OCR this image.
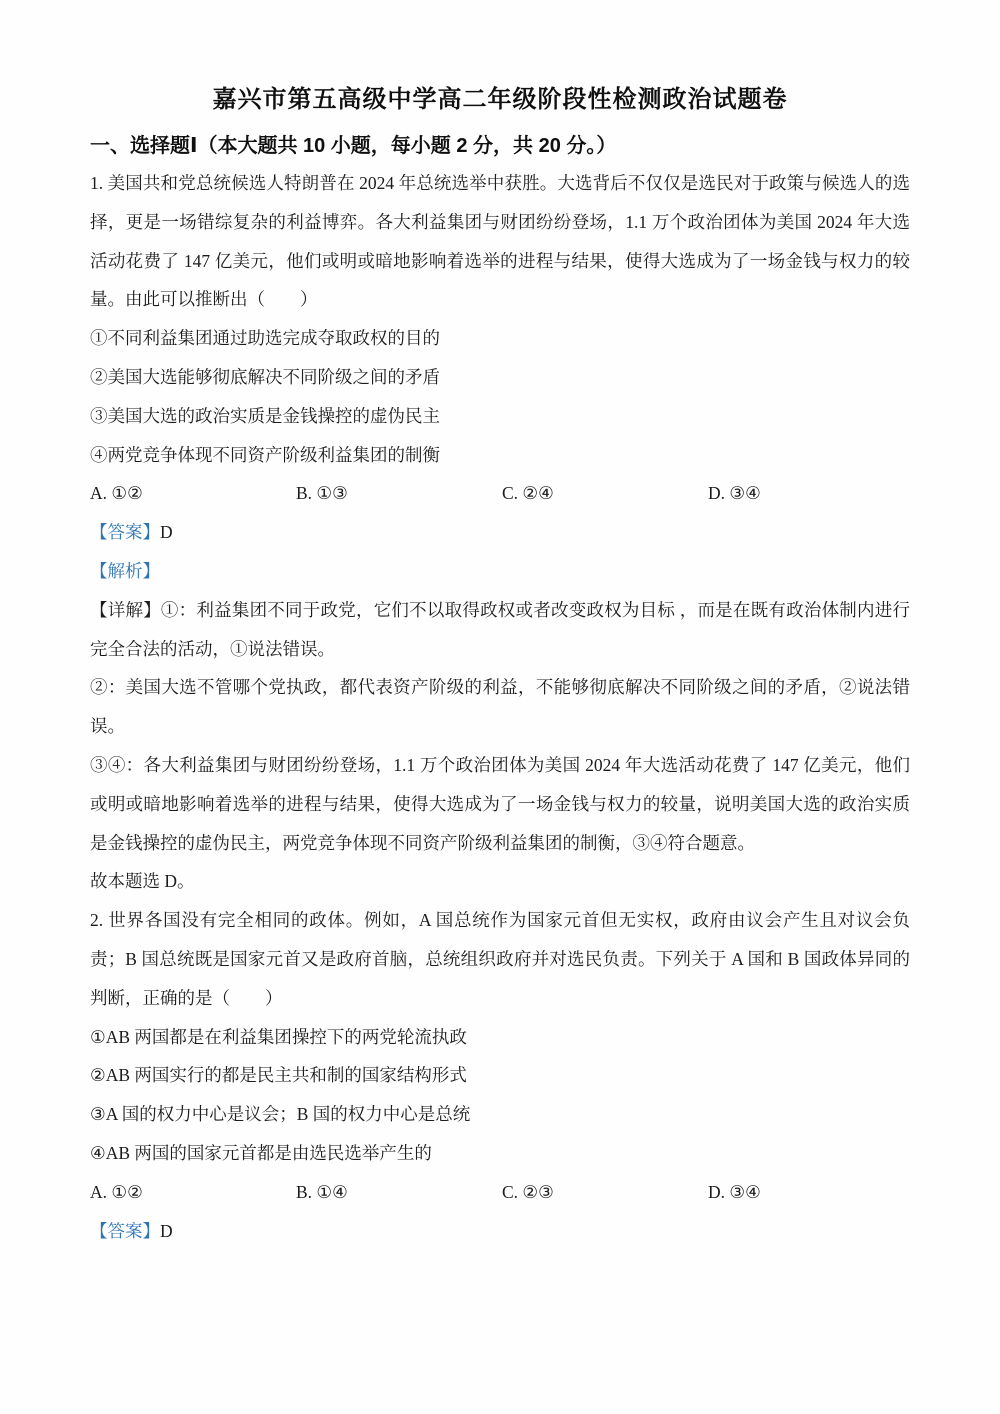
嘉兴市第五高级中学高二年级阶段性检测政治试题卷
一、选择题Ⅰ（本大题共 10 小题，每小题 2 分，共 20 分。）

1. 美国共和党总统候选人特朗普在 2024 年总统选举中获胜。大选背后不仅仅是选民对于政策与候选人的选择，更是一场错综复杂的利益博弈。各大利益集团与财团纷纷登场，1.1 万个政治团体为美国 2024 年大选活动花费了 147 亿美元，他们或明或暗地影响着选举的进程与结果，使得大选成为了一场金钱与权力的较量。由此可以推断出（　　）

①不同利益集团通过助选完成夺取政权的目的
②美国大选能够彻底解决不同阶级之间的矛盾
③美国大选的政治实质是金钱操控的虚伪民主
④两党竞争体现不同资产阶级利益集团的制衡
A. ①②	B. ①③	C. ②④	D. ③④
【答案】D
【解析】

【详解】①：利益集团不同于政党，它们不以取得政权或者改变政权为目标 ，而是在既有政治体制内进行完全合法的活动，①说法错误。

②：美国大选不管哪个党执政，都代表资产阶级的利益，不能够彻底解决不同阶级之间的矛盾，②说法错误。

③④：各大利益集团与财团纷纷登场，1.1 万个政治团体为美国 2024 年大选活动花费了 147 亿美元，他们或明或暗地影响着选举的进程与结果，使得大选成为了一场金钱与权力的较量，说明美国大选的政治实质是金钱操控的虚伪民主，两党竞争体现不同资产阶级利益集团的制衡，③④符合题意。

故本题选 D。

2. 世界各国没有完全相同的政体。例如，A 国总统作为国家元首但无实权，政府由议会产生且对议会负责；B 国总统既是国家元首又是政府首脑，总统组织政府并对选民负责。下列关于 A 国和 B 国政体异同的判断，正确的是（　　）

①AB 两国都是在利益集团操控下的两党轮流执政
②AB 两国实行的都是民主共和制的国家结构形式
③A 国的权力中心是议会；B 国的权力中心是总统
④AB 两国的国家元首都是由选民选举产生的
A. ①②	B. ①④	C. ②③	D. ③④
【答案】D
